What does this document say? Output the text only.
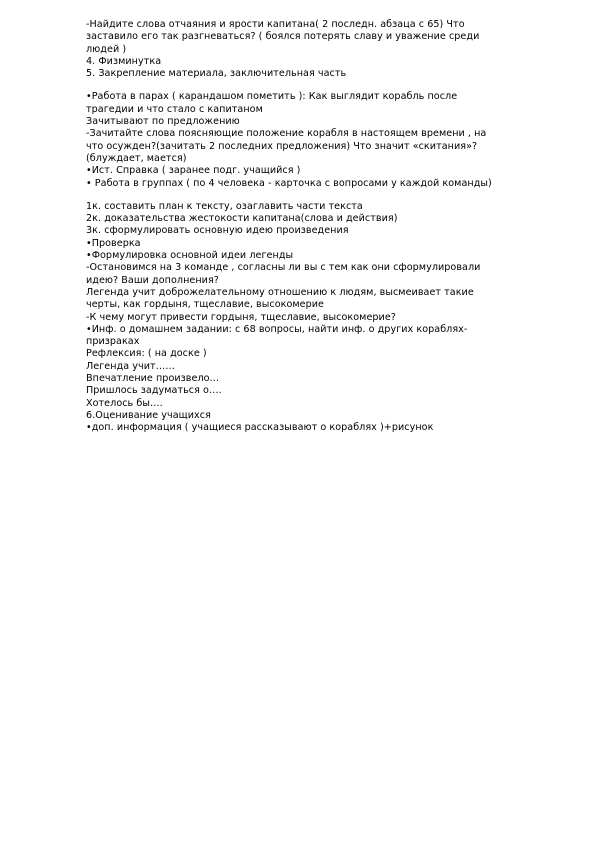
-Найдите слова отчаяния и ярости капитана( 2 последн. абзаца с 65) Что
заставило его так разгневаться? ( боялся потерять славу и уважение среди
людей )
4. Физминутка
5. Закрепление материала, заключительная часть
•Работа в парах ( карандашом пометить ): Как выглядит корабль после
трагедии и что стало с капитаном
Зачитывают по предложению
-Зачитайте слова поясняющие положение корабля в настоящем времени , на
что осужден?(зачитать 2 последних предложения) Что значит «скитания»?
(блуждает, мается)
•Ист. Справка ( заранее подг. учащийся )
• Работа в группах ( по 4 человека - карточка с вопросами у каждой команды)
1к. составить план к тексту, озаглавить части текста
2к. доказательства жестокости капитана(слова и действия)
3к. сформулировать основную идею произведения
•Проверка
•Формулировка основной идеи легенды
-Остановимся на 3 команде , согласны ли вы с тем как они сформулировали
идею? Ваши дополнения?
Легенда учит доброжелательному отношению к людям, высмеивает такие
черты, как гордыня, тщеславие, высокомерие
-К чему могут привести гордыня, тщеславие, высокомерие?
•Инф. о домашнем задании: с 68 вопросы, найти инф. о других кораблях-
призраках
Рефлексия: ( на доске )
Легенда учит……
Впечатление произвело…
Пришлось задуматься о….
Хотелось бы….
6.Оценивание учащихся
•доп. информация ( учащиеся рассказывают о кораблях )+рисунок
